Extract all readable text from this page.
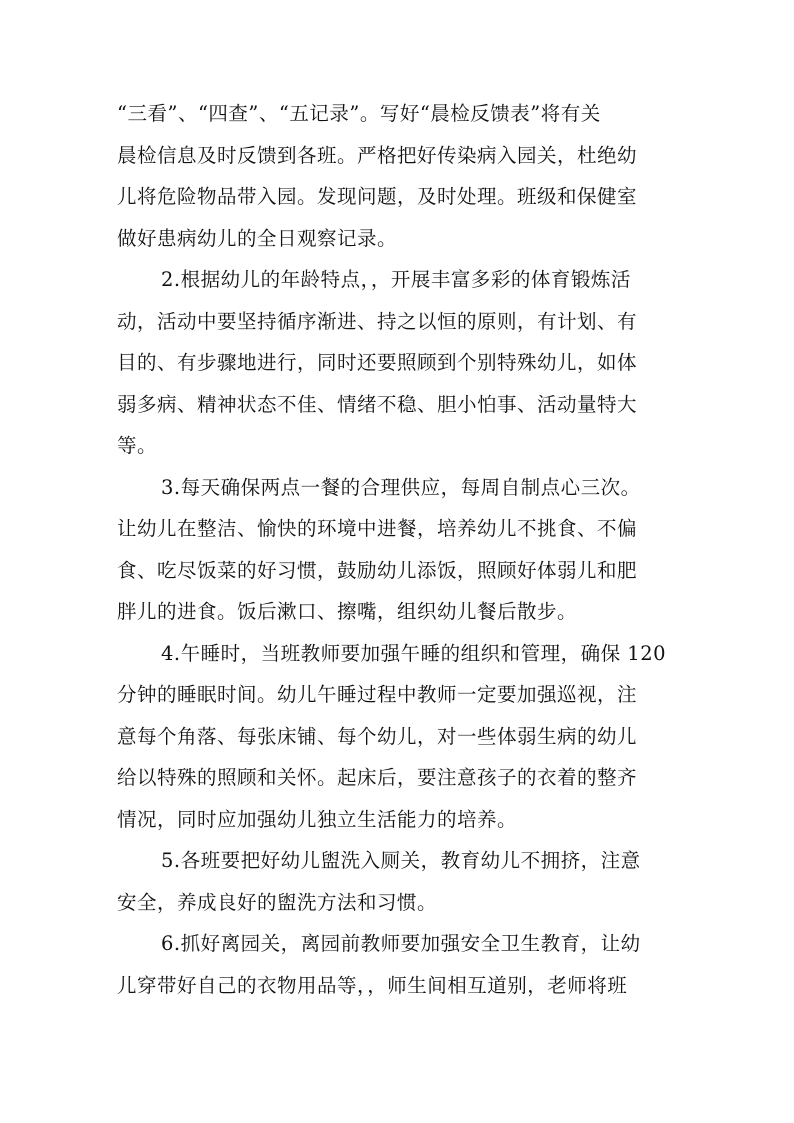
“三看”、“四查”、“五记录”。写好“晨检反馈表”将有关
晨检信息及时反馈到各班。严格把好传染病入园关，杜绝幼
儿将危险物品带入园。发现问题，及时处理。班级和保健室
做好患病幼儿的全日观察记录。
2.根据幼儿的年龄特点，，开展丰富多彩的体育锻炼活
动，活动中要坚持循序渐进、持之以恒的原则，有计划、有
目的、有步骤地进行，同时还要照顾到个别特殊幼儿，如体
弱多病、精神状态不佳、情绪不稳、胆小怕事、活动量特大
等。
3.每天确保两点一餐的合理供应，每周自制点心三次。
让幼儿在整洁、愉快的环境中进餐，培养幼儿不挑食、不偏
食、吃尽饭菜的好习惯，鼓励幼儿添饭，照顾好体弱儿和肥
胖儿的进食。饭后漱口、擦嘴，组织幼儿餐后散步。
4.午睡时，当班教师要加强午睡的组织和管理，确保 120
分钟的睡眠时间。幼儿午睡过程中教师一定要加强巡视，注
意每个角落、每张床铺、每个幼儿，对一些体弱生病的幼儿
给以特殊的照顾和关怀。起床后，要注意孩子的衣着的整齐
情况，同时应加强幼儿独立生活能力的培养。
5.各班要把好幼儿盥洗入厕关，教育幼儿不拥挤，注意
安全，养成良好的盥洗方法和习惯。
6.抓好离园关，离园前教师要加强安全卫生教育，让幼
儿穿带好自己的衣物用品等，，师生间相互道别，老师将班
